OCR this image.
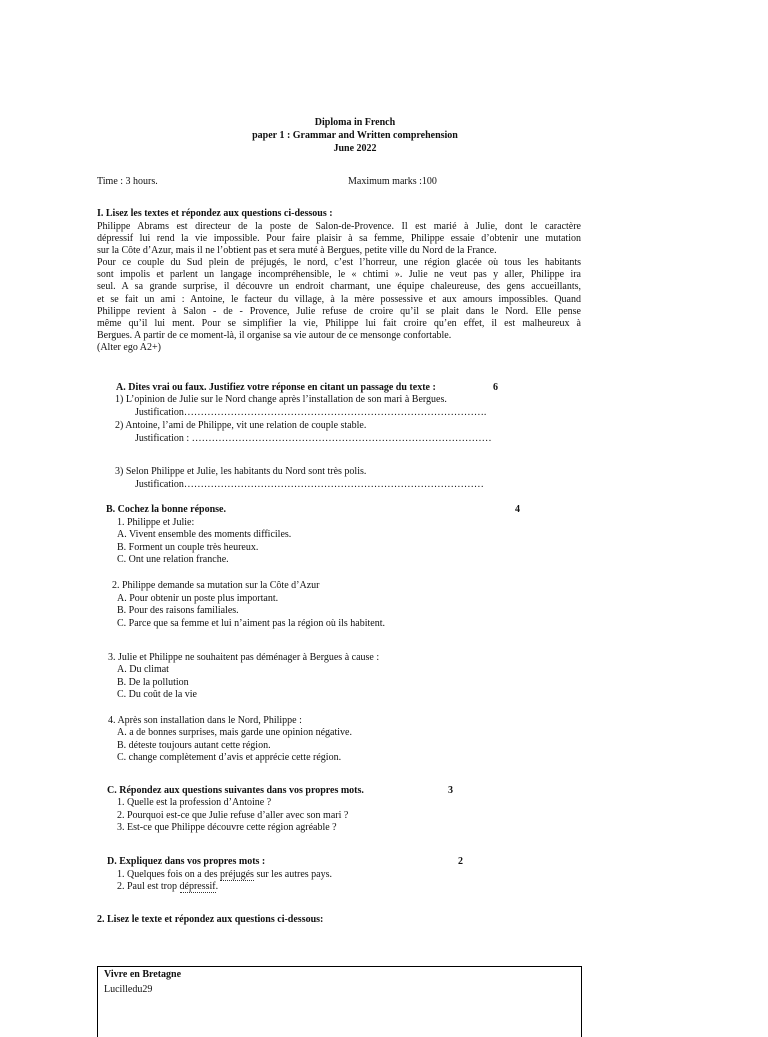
Diploma in French
paper 1 : Grammar and Written comprehension
June 2022
Time : 3 hours.	Maximum marks :100
I. Lisez les textes et répondez aux questions ci-dessous :
Philippe Abrams est directeur de la poste de Salon-de-Provence. Il est marié à Julie, dont le caractère
dépressif lui rend la vie impossible. Pour faire plaisir à sa femme, Philippe essaie d’obtenir une mutation
sur la Côte d’Azur, mais il ne l’obtient pas et sera muté à Bergues, petite ville du Nord de la France.
Pour ce couple du Sud plein de préjugés, le nord, c’est l’horreur, une région glacée où tous les habitants
sont impolis et parlent un langage incompréhensible, le « chtimi ». Julie ne veut pas y aller, Philippe ira
seul. A sa grande surprise, il découvre un endroit charmant, une équipe chaleureuse, des gens accueillants,
et se fait un ami : Antoine, le facteur du village, à la mère possessive et aux amours impossibles. Quand
Philippe revient à Salon - de - Provence, Julie refuse de croire qu’il se plait dans le Nord. Elle pense
même qu’il lui ment. Pour se simplifier la vie, Philippe lui fait croire qu’en effet, il est malheureux à
Bergues. A partir de ce moment-là, il organise sa vie autour de ce mensonge confortable.
(Alter ego A2+)
A. Dites vrai ou faux. Justifiez votre réponse en citant un passage du texte :	6
1) L’opinion de Julie sur le Nord change après l’installation de son mari à Bergues.
Justification……………………………………………………………………………….
2) Antoine, l’ami de Philippe, vit une relation de couple stable.
Justification : ………………………………………………………………………………
3) Selon Philippe et Julie, les habitants du Nord sont très polis.
Justification………………………………………………………………………………
B. Cochez la bonne réponse.	4
1. Philippe et Julie:
A. Vivent ensemble des moments difficiles.
B. Forment un couple très heureux.
C. Ont une relation franche.
2. Philippe demande sa mutation sur la Côte d’Azur
A. Pour obtenir un poste plus important.
B. Pour des raisons familiales.
C. Parce que sa femme et lui n’aiment pas la région où ils habitent.
3. Julie et Philippe ne souhaitent pas déménager à Bergues à cause :
A. Du climat
B. De la pollution
C. Du coût de la vie
4. Après son installation dans le Nord, Philippe :
A. a de bonnes surprises, mais garde une opinion négative.
B. déteste toujours autant cette région.
C. change complètement d’avis et apprécie cette région.
C. Répondez aux questions suivantes dans vos propres mots.	3
1. Quelle est la profession d’Antoine ?
2. Pourquoi est-ce que Julie refuse d’aller avec son mari ?
3. Est-ce que Philippe découvre cette région agréable ?
D. Expliquez dans vos propres mots :	2
1. Quelques fois on a des préjugés sur les autres pays.
2. Paul est trop dépressif.
2. Lisez le texte et répondez aux questions ci-dessous:
Vivre en Bretagne
Lucilledu29
